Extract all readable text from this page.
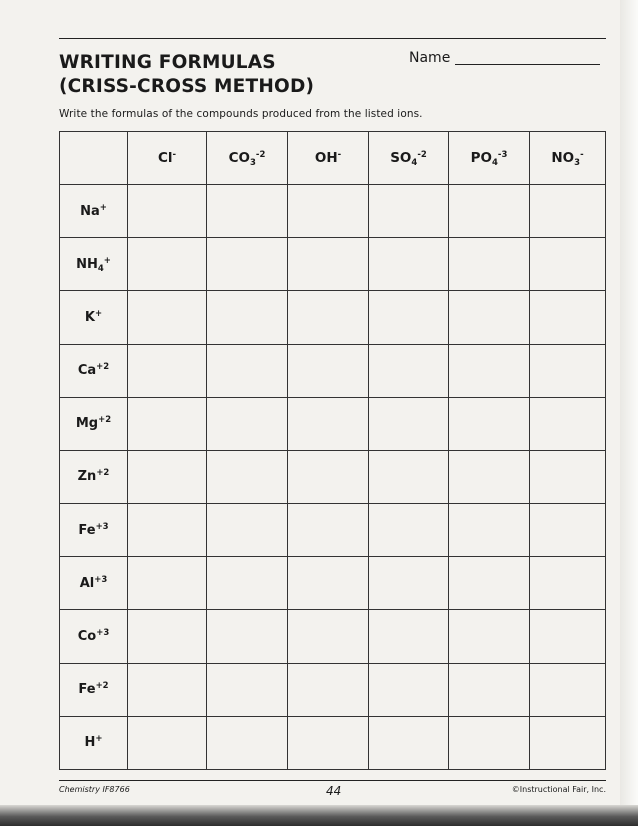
WRITING FORMULAS
(CRISS-CROSS METHOD)
Name
Write the formulas of the compounds produced from the listed ions.
	Cl-	$CO_3^{-2}$	OH-	$SO_4^{-2}$	$PO_4^{-3}$	$NO_3^-$
Na+						
$NH_4^+$						
K+						
$Ca^{+2}$						
$Mg^{+2}$						
$Zn^{+2}$						
$Fe^{+3}$						
$Al^{+3}$						
$Co^{+3}$						
$Fe^{+2}$						
H+						
Chemistry IF8766	44	©Instructional Fair, Inc.
